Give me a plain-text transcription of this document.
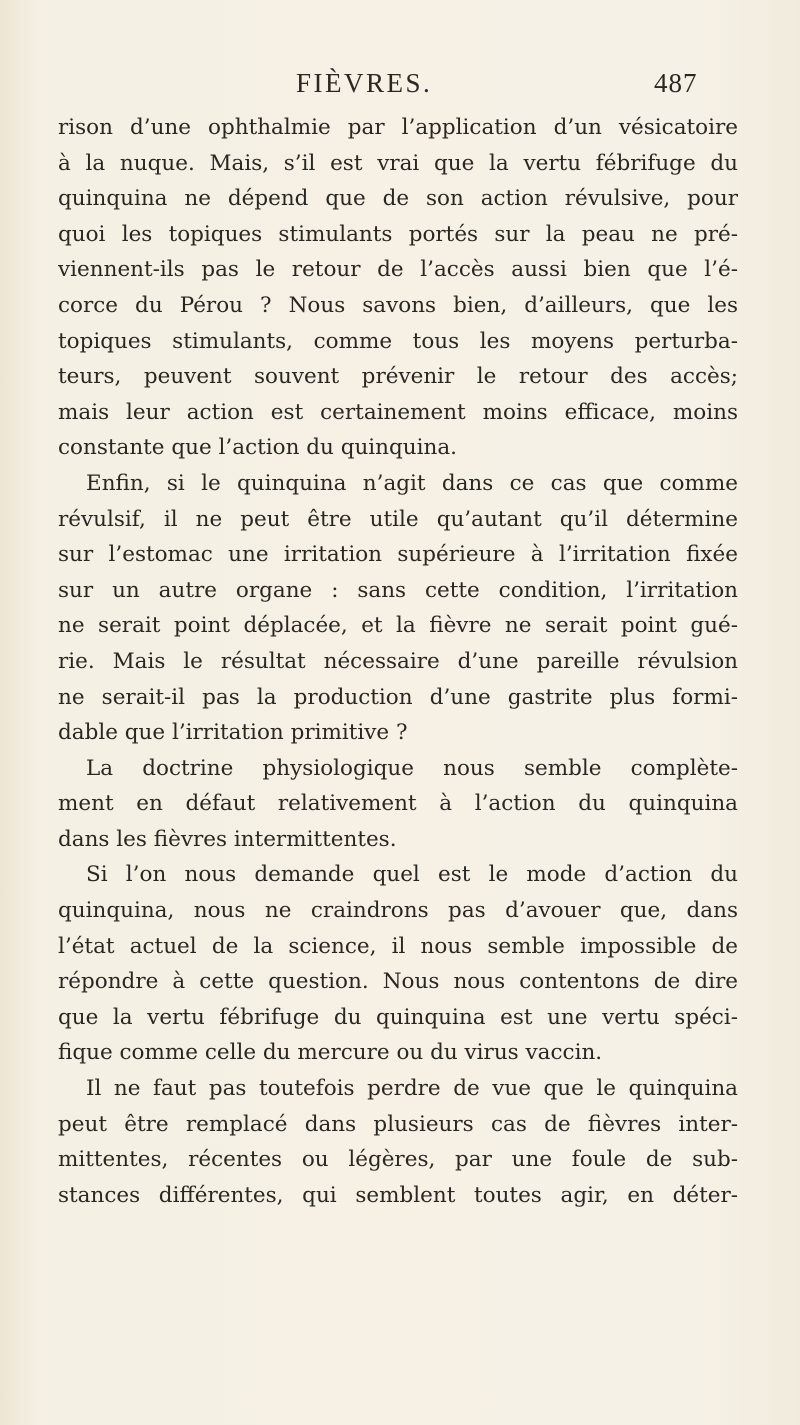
FIÈVRES.	487
rison d’une ophthalmie par l’application d’un vésicatoire
à la nuque. Mais, s’il est vrai que la vertu fébrifuge du
quinquina ne dépend que de son action révulsive, pour
quoi les topiques stimulants portés sur la peau ne pré-
viennent-ils pas le retour de l’accès aussi bien que l’é-
corce du Pérou ? Nous savons bien, d’ailleurs, que les
topiques stimulants, comme tous les moyens perturba-
teurs, peuvent souvent prévenir le retour des accès;
mais leur action est certainement moins efficace, moins
constante que l’action du quinquina.
Enfin, si le quinquina n’agit dans ce cas que comme
révulsif, il ne peut être utile qu’autant qu’il détermine
sur l’estomac une irritation supérieure à l’irritation fixée
sur un autre organe : sans cette condition, l’irritation
ne serait point déplacée, et la fièvre ne serait point gué-
rie. Mais le résultat nécessaire d’une pareille révulsion
ne serait-il pas la production d’une gastrite plus formi-
dable que l’irritation primitive ?
La doctrine physiologique nous semble complète-
ment en défaut relativement à l’action du quinquina
dans les fièvres intermittentes.
Si l’on nous demande quel est le mode d’action du
quinquina, nous ne craindrons pas d’avouer que, dans
l’état actuel de la science, il nous semble impossible de
répondre à cette question. Nous nous contentons de dire
que la vertu fébrifuge du quinquina est une vertu spéci-
fique comme celle du mercure ou du virus vaccin.
Il ne faut pas toutefois perdre de vue que le quinquina
peut être remplacé dans plusieurs cas de fièvres inter-
mittentes, récentes ou légères, par une foule de sub-
stances différentes, qui semblent toutes agir, en déter-
